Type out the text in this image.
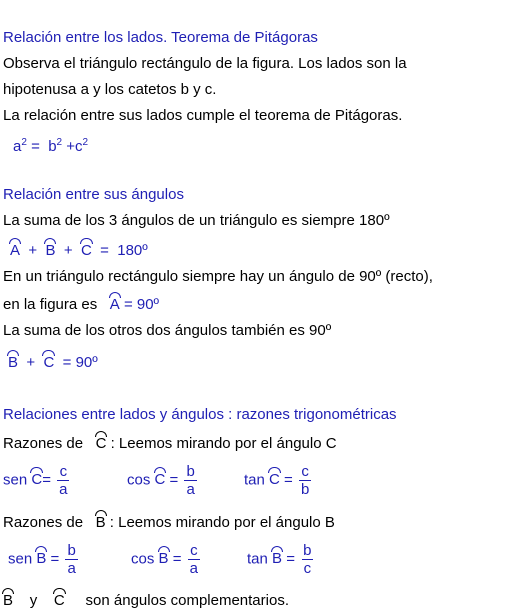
Relación entre los lados. Teorema de Pitágoras
Observa el triángulo rectángulo de la figura. Los lados son la
hipotenusa a y los catetos b y c.
La relación entre sus lados cumple el teorema de Pitágoras.
$a^2 = b^2 +c^2$
Relación entre sus ángulos
La suma de los 3 ángulos de un triángulo es siempre 180º
A + B + C = 180º
En un triángulo rectángulo siempre hay un ángulo de 90º (recto),
en la figura es A = 90º
La suma de los otros dos ángulos también es 90º
B + C = 90º
Relaciones entre lados y ángulos : razones trigonométricas
Razones de C : Leemos mirando por el ángulo C
sen $C= \frac{c}{a}$	$\cos C = \frac{b}{a}$	$\tan C = \frac{c}{b}$
Razones de B : Leemos mirando por el ángulo B
sen $B = \frac{b}{a}$	$\cos B = \frac{c}{a}$	$\tan B = \frac{b}{c}$
B y C son ángulos complementarios.
